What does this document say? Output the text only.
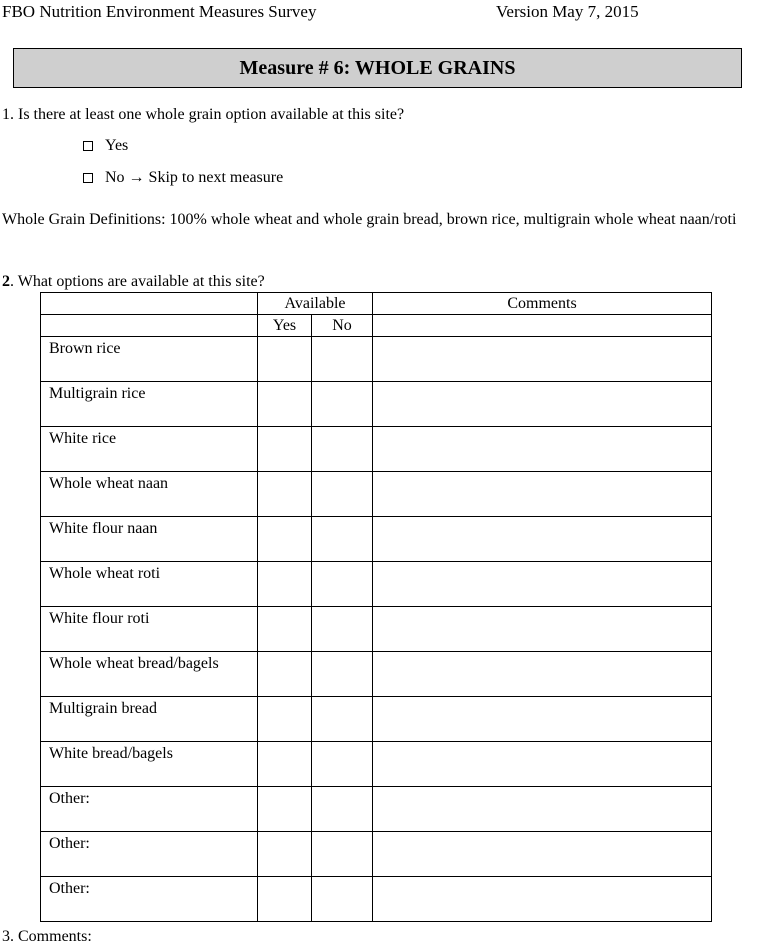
FBO Nutrition Environment Measures Survey	Version May 7, 2015
Measure # 6: WHOLE GRAINS
1. Is there at least one whole grain option available at this site?
Yes
No → Skip to next measure
Whole Grain Definitions: 100% whole wheat and whole grain bread, brown rice, multigrain whole wheat naan/roti
2. What options are available at this site?
	Available		Comments
	Yes	No	
Brown rice			
Multigrain rice			
White rice			
Whole wheat naan			
White flour naan			
Whole wheat roti			
White flour roti			
Whole wheat bread/bagels			
Multigrain bread			
White bread/bagels			
Other:			
Other:			
Other:			
3. Comments:
